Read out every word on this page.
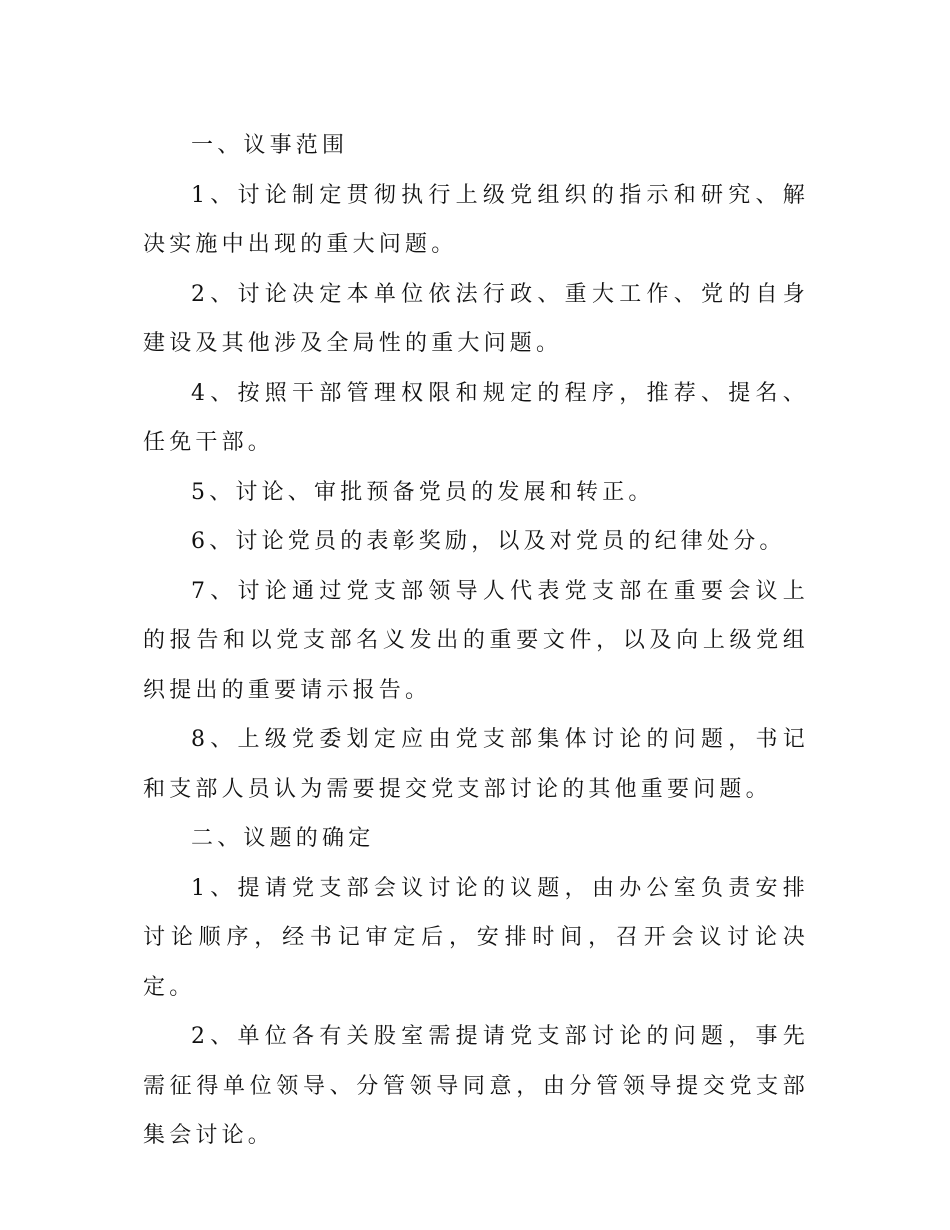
一、议事范围

1、讨论制定贯彻执行上级党组织的指示和研究、解决实施中出现的重大问题。

2、讨论决定本单位依法行政、重大工作、党的自身建设及其他涉及全局性的重大问题。

4、按照干部管理权限和规定的程序，推荐、提名、任免干部。

5、讨论、审批预备党员的发展和转正。

6、讨论党员的表彰奖励，以及对党员的纪律处分。

7、讨论通过党支部领导人代表党支部在重要会议上的报告和以党支部名义发出的重要文件，以及向上级党组织提出的重要请示报告。

8、上级党委划定应由党支部集体讨论的问题，书记和支部人员认为需要提交党支部讨论的其他重要问题。

二、议题的确定

1、提请党支部会议讨论的议题，由办公室负责安排讨论顺序，经书记审定后，安排时间，召开会议讨论决定。

2、单位各有关股室需提请党支部讨论的问题，事先需征得单位领导、分管领导同意，由分管领导提交党支部集会讨论。
